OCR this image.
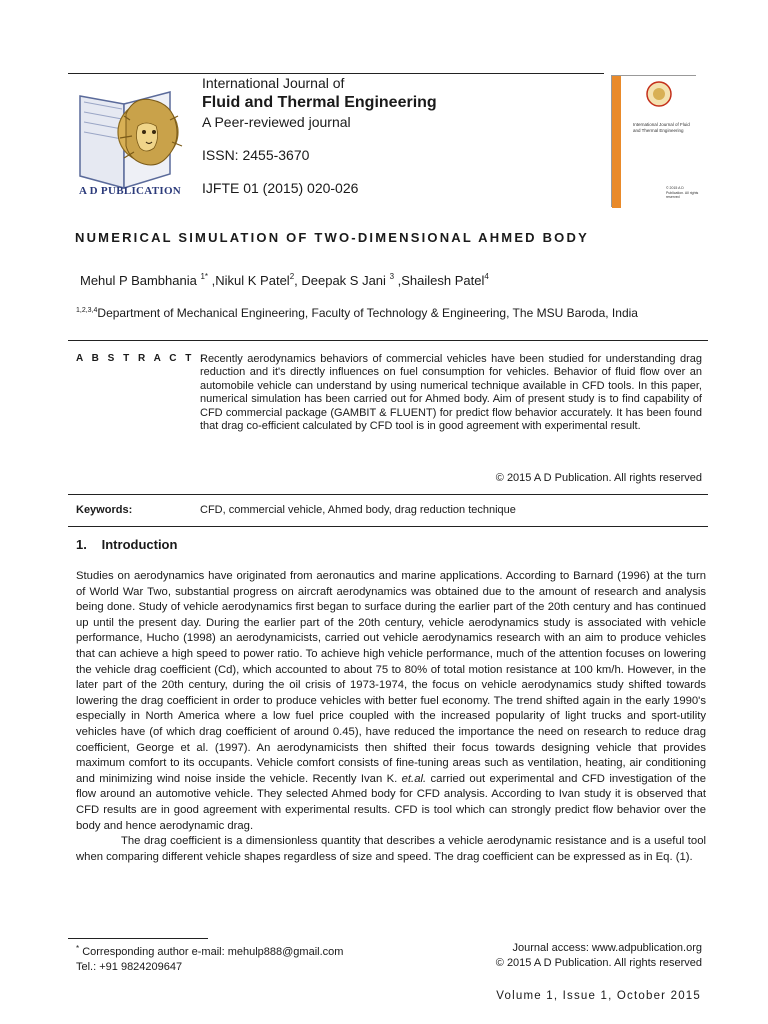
A D PUBLICATION
International Journal of
Fluid and Thermal Engineering
A Peer-reviewed journal
ISSN: 2455-3670
IJFTE 01 (2015) 020-026
International Journal of Fluid and Thermal Engineering
© 2015 A D Publication. All rights reserved
NUMERICAL SIMULATION OF TWO-DIMENSIONAL AHMED BODY
Mehul P Bambhania $^{1*}$ ,Nikul K Patel$^2$, Deepak S Jani $^3$ ,Shailesh Patel$^4$
$^{1,2,3,4}$Department of Mechanical Engineering, Faculty of Technology & Engineering, The MSU Baroda, India
A B S T R A C T :
Recently aerodynamics behaviors of commercial vehicles have been studied for understanding drag reduction and it's directly influences on fuel consumption for vehicles. Behavior of fluid flow over an automobile vehicle can understand by using numerical technique available in CFD tools. In this paper, numerical simulation has been carried out for Ahmed body. Aim of present study is to find capability of CFD commercial package (GAMBIT & FLUENT) for predict flow behavior accurately. It has been found that drag co-efficient calculated by CFD tool is in good agreement with experimental result.
© 2015 A D Publication. All rights reserved
Keywords:	CFD, commercial vehicle, Ahmed body, drag reduction technique
1. Introduction

Studies on aerodynamics have originated from aeronautics and marine applications. According to Barnard (1996) at the turn of World War Two, substantial progress on aircraft aerodynamics was obtained due to the amount of research and analysis being done. Study of vehicle aerodynamics first began to surface during the earlier part of the 20th century and has continued up until the present day. During the earlier part of the 20th century, vehicle aerodynamics study is associated with vehicle performance, Hucho (1998) an aerodynamicists, carried out vehicle aerodynamics research with an aim to produce vehicles that can achieve a high speed to power ratio. To achieve high vehicle performance, much of the attention focuses on lowering the vehicle drag coefficient (Cd), which accounted to about 75 to 80% of total motion resistance at 100 km/h. However, in the later part of the 20th century, during the oil crisis of 1973-1974, the focus on vehicle aerodynamics study shifted towards lowering the drag coefficient in order to produce vehicles with better fuel economy. The trend shifted again in the early 1990's especially in North America where a low fuel price coupled with the increased popularity of light trucks and sport-utility vehicles have (of which drag coefficient of around 0.45), have reduced the importance the need on research to reduce drag coefficient, George et al. (1997). An aerodynamicists then shifted their focus towards designing vehicle that provides maximum comfort to its occupants. Vehicle comfort consists of fine-tuning areas such as ventilation, heating, air conditioning and minimizing wind noise inside the vehicle. Recently Ivan K. et.al. carried out experimental and CFD investigation of the flow around an automotive vehicle. They selected Ahmed body for CFD analysis. According to Ivan study it is observed that CFD results are in good agreement with experimental results. CFD is tool which can strongly predict flow behavior over the body and hence aerodynamic drag.

The drag coefficient is a dimensionless quantity that describes a vehicle aerodynamic resistance and is a useful tool when comparing different vehicle shapes regardless of size and speed. The drag coefficient can be expressed as in Eq. (1).

* Corresponding author e-mail: mehulp888@gmail.com
Tel.: +91 9824209647
Journal access: www.adpublication.org
© 2015 A D Publication. All rights reserved
Volume 1, Issue 1, October 2015
